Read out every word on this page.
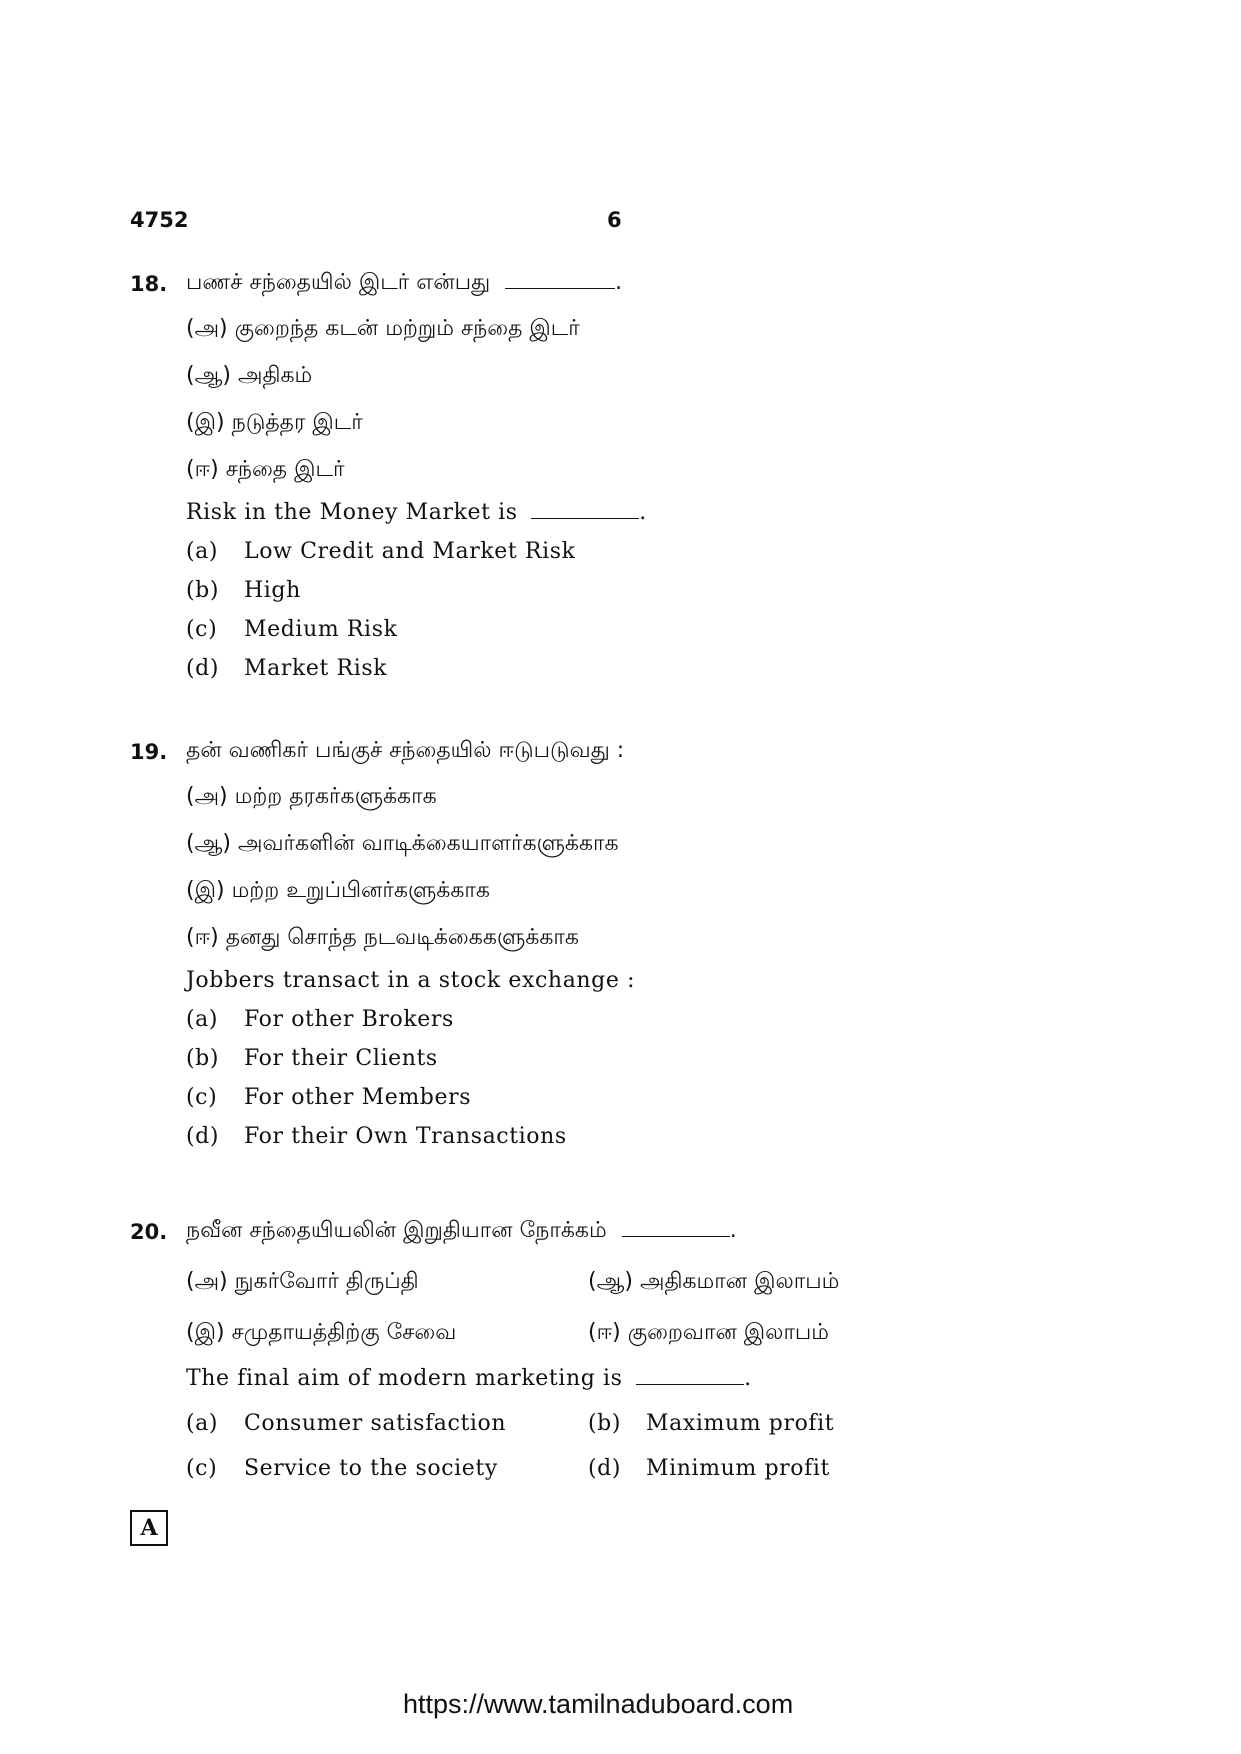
4752	6
18. பணச் சந்தையில் இடர் என்பது	.
(அ) குறைந்த கடன் மற்றும் சந்தை இடர்
(ஆ) அதிகம்
(இ) நடுத்தர இடர்
(ஈ) சந்தை இடர்
Risk in the Money Market is	.
(a) Low Credit and Market Risk
(b) High
(c) Medium Risk
(d) Market Risk
19. தன் வணிகர் பங்குச் சந்தையில் ஈடுபடுவது :
(அ) மற்ற தரகர்களுக்காக
(ஆ) அவர்களின் வாடிக்கையாளர்களுக்காக
(இ) மற்ற உறுப்பினர்களுக்காக
(ஈ) தனது சொந்த நடவடிக்கைகளுக்காக
Jobbers transact in a stock exchange :
(a) For other Brokers
(b) For their Clients
(c) For other Members
(d) For their Own Transactions
20. நவீன சந்தையியலின் இறுதியான நோக்கம்	.
(அ) நுகர்வோர் திருப்தி	(ஆ) அதிகமான இலாபம்
(இ) சமுதாயத்திற்கு சேவை	(ஈ) குறைவான இலாபம்
The final aim of modern marketing is	.
(a) Consumer satisfaction	(b) Maximum profit
(c) Service to the society	(d) Minimum profit
A
https://www.tamilnaduboard.com
